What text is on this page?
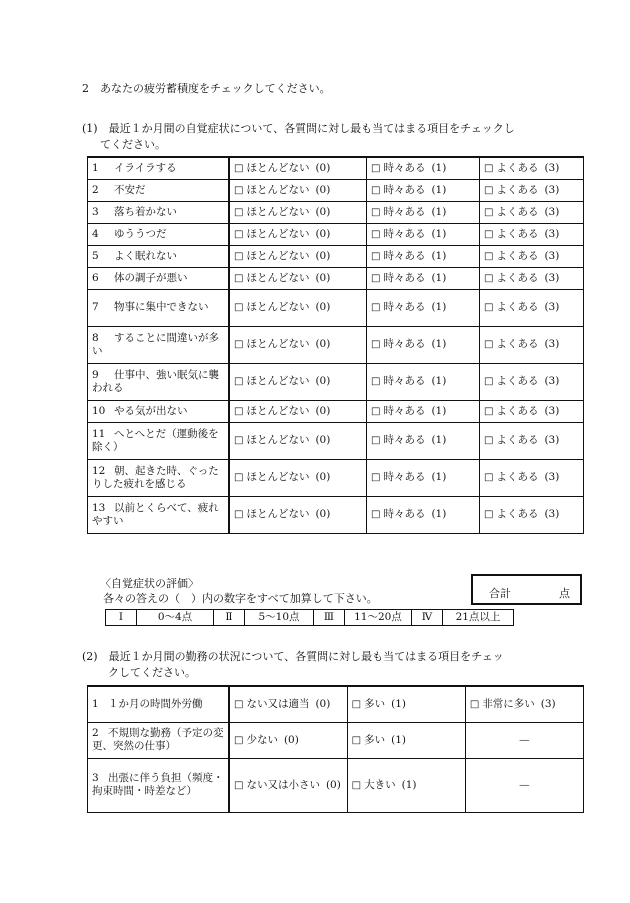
2　あなたの疲労蓄積度をチェックしてください。
(1)　最近１か月間の自覚症状について、各質問に対し最も当てはまる項目をチェックし
てください。
1 イライラする	□ ほとんどない (0)	□ 時々ある (1)	□ よくある (3)
2 不安だ	□ ほとんどない (0)	□ 時々ある (1)	□ よくある (3)
3 落ち着かない	□ ほとんどない (0)	□ 時々ある (1)	□ よくある (3)
4 ゆううつだ	□ ほとんどない (0)	□ 時々ある (1)	□ よくある (3)
5 よく眠れない	□ ほとんどない (0)	□ 時々ある (1)	□ よくある (3)
6 体の調子が悪い	□ ほとんどない (0)	□ 時々ある (1)	□ よくある (3)
7 物事に集中できない	□ ほとんどない (0)	□ 時々ある (1)	□ よくある (3)
8 することに間違いが多い	□ ほとんどない (0)	□ 時々ある (1)	□ よくある (3)
9 仕事中、強い眠気に襲われる	□ ほとんどない (0)	□ 時々ある (1)	□ よくある (3)
10 やる気が出ない	□ ほとんどない (0)	□ 時々ある (1)	□ よくある (3)
11 へとへとだ（運動後を除く）	□ ほとんどない (0)	□ 時々ある (1)	□ よくある (3)
12 朝、起きた時、ぐったりした疲れを感じる	□ ほとんどない (0)	□ 時々ある (1)	□ よくある (3)
13 以前とくらべて、疲れやすい	□ ほとんどない (0)	□ 時々ある (1)	□ よくある (3)
〈自覚症状の評価〉
各々の答えの（　）内の数字をすべて加算して下さい。	合計	点
Ⅰ	0〜4点	Ⅱ	5〜10点	Ⅲ	11〜20点	Ⅳ	21点以上
(2)　最近１か月間の勤務の状況について、各質問に対し最も当てはまる項目をチェッ
クしてください。
1 １か月の時間外労働	□ ない又は適当 (0)	□ 多い (1)	□ 非常に多い (3)
2 不規則な勤務（予定の変更、突然の仕事）	□ 少ない (0)	□ 多い (1)	—
3 出張に伴う負担（頻度・拘束時間・時差など）	□ ない又は小さい (0)	□ 大きい (1)	—
